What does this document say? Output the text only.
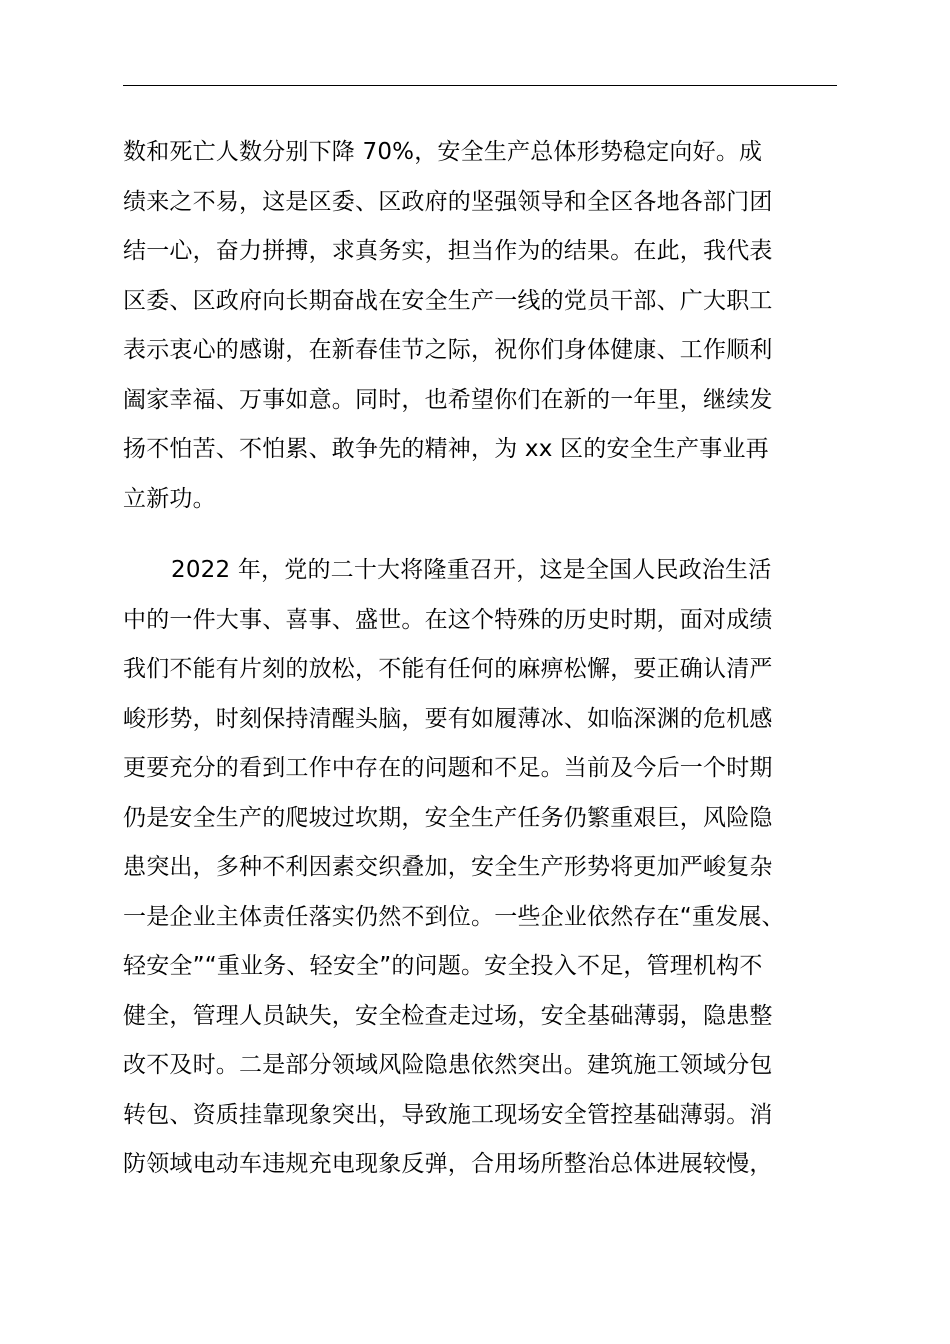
数和死亡人数分别下降 70%，安全生产总体形势稳定向好。成
绩来之不易，这是区委、区政府的坚强领导和全区各地各部门团
结一心，奋力拼搏，求真务实，担当作为的结果。在此，我代表
区委、区政府向长期奋战在安全生产一线的党员干部、广大职工
表示衷心的感谢，在新春佳节之际，祝你们身体健康、工作顺利
阖家幸福、万事如意。同时，也希望你们在新的一年里，继续发
扬不怕苦、不怕累、敢争先的精神，为 xx 区的安全生产事业再
立新功。
2022 年，党的二十大将隆重召开，这是全国人民政治生活
中的一件大事、喜事、盛世。在这个特殊的历史时期，面对成绩
我们不能有片刻的放松，不能有任何的麻痹松懈，要正确认清严
峻形势，时刻保持清醒头脑，要有如履薄冰、如临深渊的危机感
更要充分的看到工作中存在的问题和不足。当前及今后一个时期
仍是安全生产的爬坡过坎期，安全生产任务仍繁重艰巨，风险隐
患突出，多种不利因素交织叠加，安全生产形势将更加严峻复杂
一是企业主体责任落实仍然不到位。一些企业依然存在“重发展、
轻安全”“重业务、轻安全”的问题。安全投入不足，管理机构不
健全，管理人员缺失，安全检查走过场，安全基础薄弱，隐患整
改不及时。二是部分领域风险隐患依然突出。建筑施工领域分包
转包、资质挂靠现象突出，导致施工现场安全管控基础薄弱。消
防领域电动车违规充电现象反弹，合用场所整治总体进展较慢，
